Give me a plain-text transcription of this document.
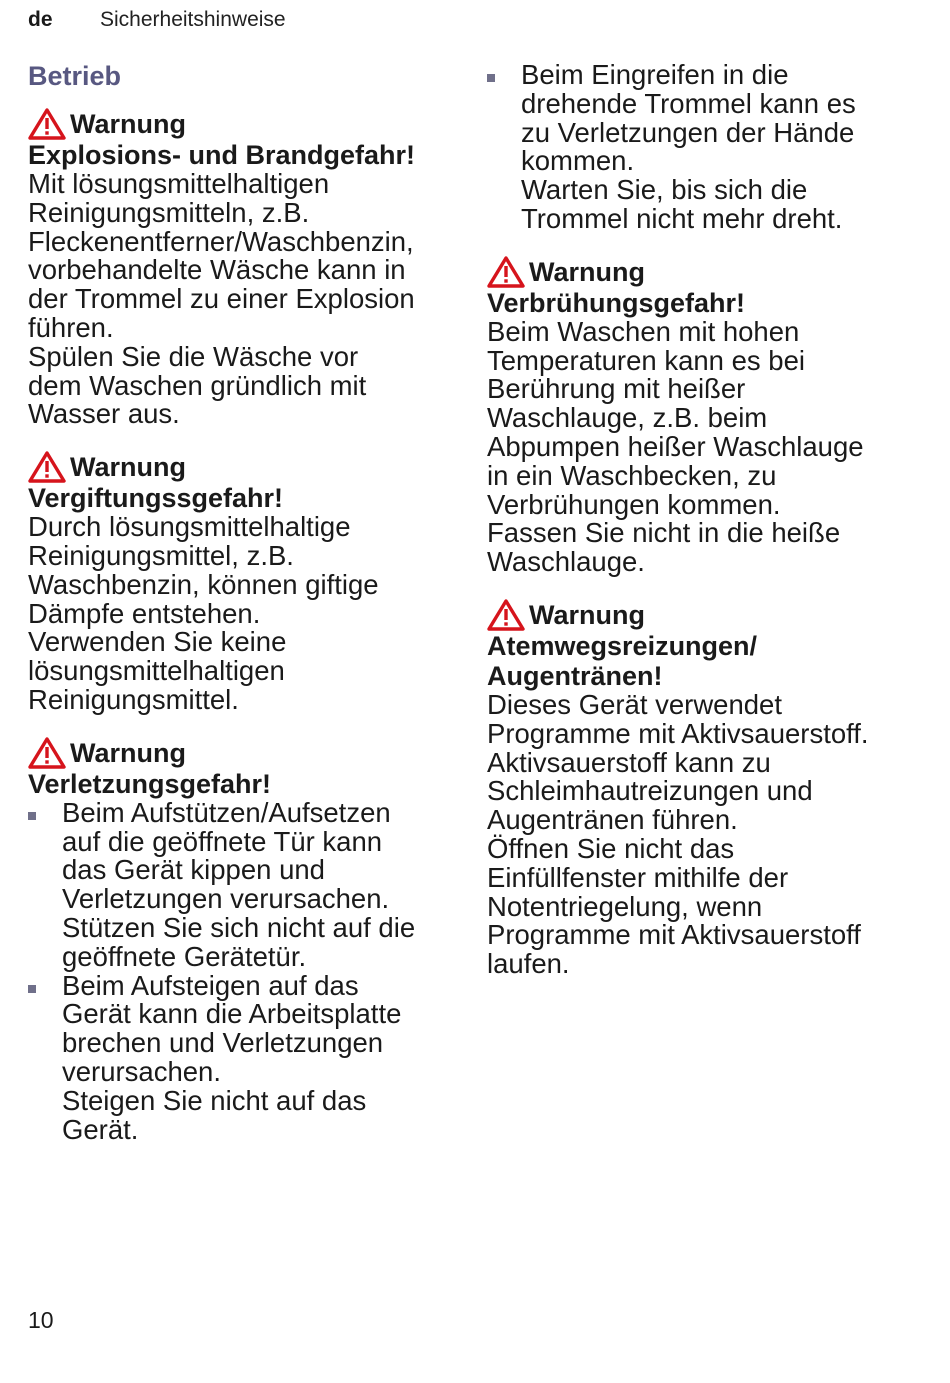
de	Sicherheitshinweise
Betrieb
Warnung
Explosions- und Brandgefahr!

Mit lösungsmittelhaltigen
Reinigungsmitteln, z.B.
Fleckenentferner/Waschbenzin,
vorbehandelte Wäsche kann in
der Trommel zu einer Explosion
führen.
Spülen Sie die Wäsche vor
dem Waschen gründlich mit
Wasser aus.

Warnung
Vergiftungssgefahr!

Durch lösungsmittelhaltige
Reinigungsmittel, z.B.
Waschbenzin, können giftige
Dämpfe entstehen.
Verwenden Sie keine
lösungsmittelhaltigen
Reinigungsmittel.

Warnung
Verletzungsgefahr!

Beim Aufstützen/Aufsetzen
auf die geöffnete Tür kann
das Gerät kippen und
Verletzungen verursachen.
Stützen Sie sich nicht auf die
geöffnete Gerätetür.

Beim Aufsteigen auf das
Gerät kann die Arbeitsplatte
brechen und Verletzungen
verursachen.
Steigen Sie nicht auf das
Gerät.

Beim Eingreifen in die
drehende Trommel kann es
zu Verletzungen der Hände
kommen.
Warten Sie, bis sich die
Trommel nicht mehr dreht.

Warnung
Verbrühungsgefahr!

Beim Waschen mit hohen
Temperaturen kann es bei
Berührung mit heißer
Waschlauge, z.B. beim
Abpumpen heißer Waschlauge
in ein Waschbecken, zu
Verbrühungen kommen.
Fassen Sie nicht in die heiße
Waschlauge.

Warnung
Atemwegsreizungen/
Augentränen!

Dieses Gerät verwendet
Programme mit Aktivsauerstoff.
Aktivsauerstoff kann zu
Schleimhautreizungen und
Augentränen führen.
Öffnen Sie nicht das
Einfüllfenster mithilfe der
Notentriegelung, wenn
Programme mit Aktivsauerstoff
laufen.

10
